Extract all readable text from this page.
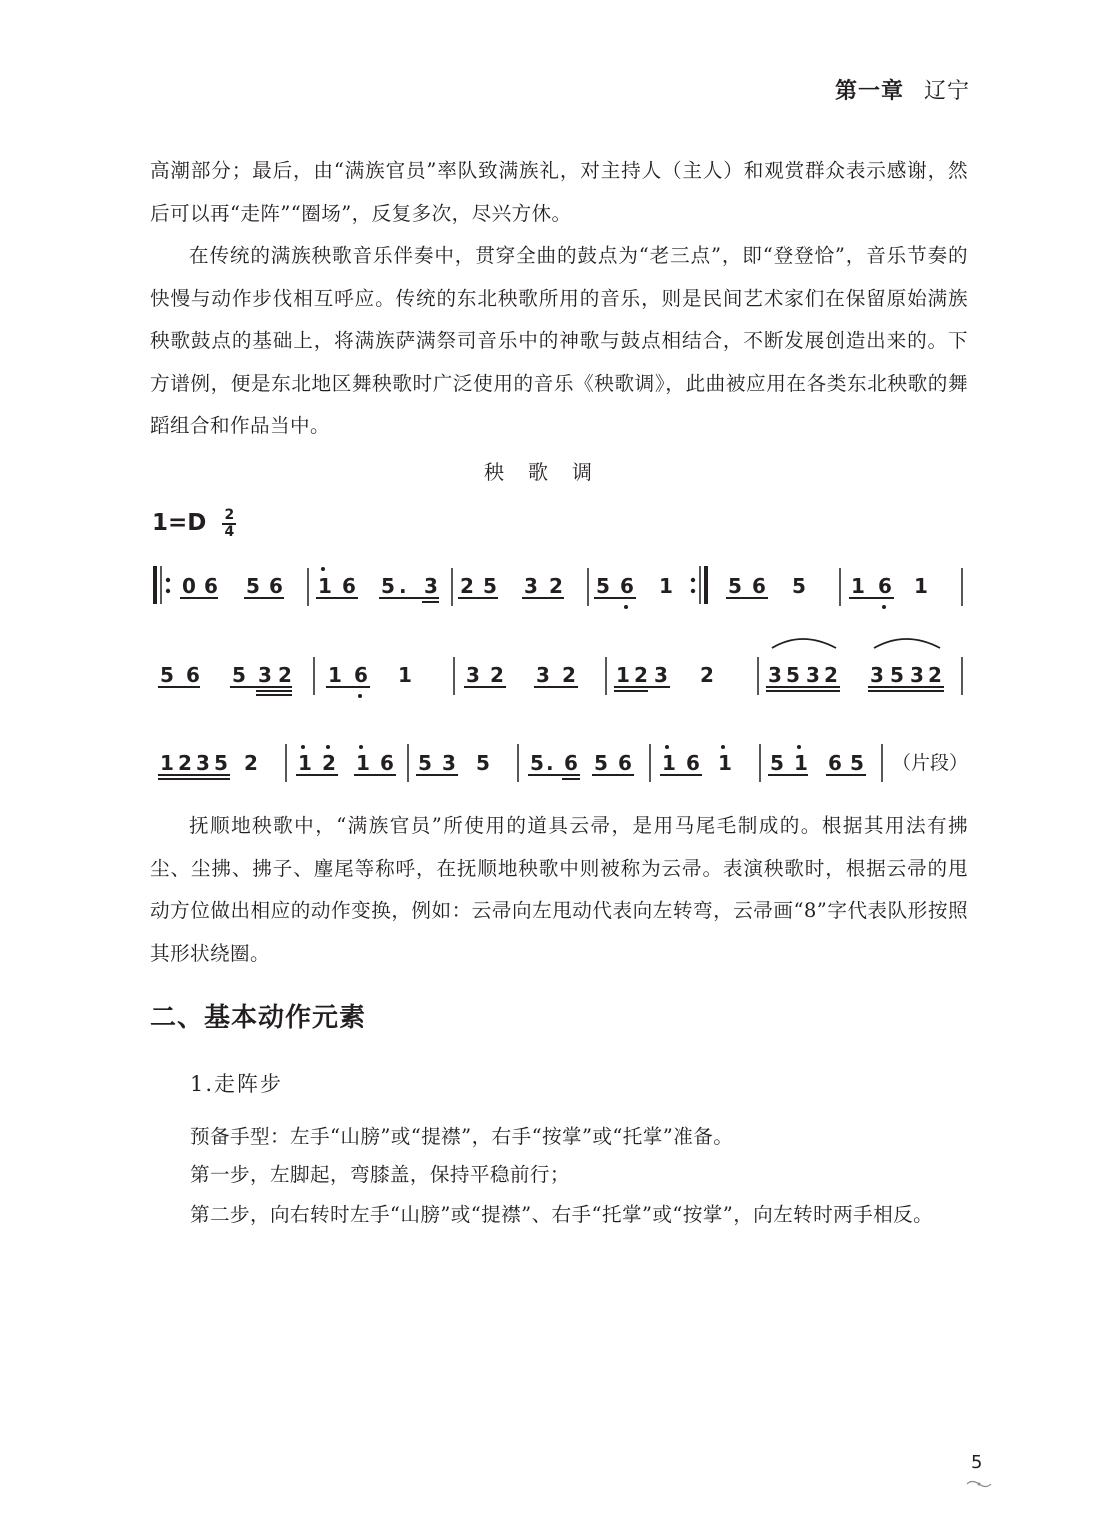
第一章 辽宁
高潮部分；最后，由“满族官员”率队致满族礼，对主持人（主人）和观赏群众表示感谢，然后可以再“走阵”“圈场”，反复多次，尽兴方休。
在传统的满族秧歌音乐伴奏中，贯穿全曲的鼓点为“老三点”，即“登登恰”，音乐节奏的快慢与动作步伐相互呼应。传统的东北秧歌所用的音乐，则是民间艺术家们在保留原始满族秧歌鼓点的基础上，将满族萨满祭司音乐中的神歌与鼓点相结合，不断发展创造出来的。下方谱例，便是东北地区舞秧歌时广泛使用的音乐《秧歌调》，此曲被应用在各类东北秧歌的舞蹈组合和作品当中。
秧歌调
$1=D \frac{2}{4}$
0 6 5 6 1 6 5 . 3 2 5 3 2 5 6 1	5 6 5 1 6 1
5 6 5 3 2 1 6 1	3 2 3 2 1 2 3 2	3 5 3 2 3 5 3 2
1 2 3 5 2 1 2 1 6 5 3 5 5 . 6 5 6 1 6 1 5 1 6 5 （片段）
抚顺地秧歌中，“满族官员”所使用的道具云帚，是用马尾毛制成的。根据其用法有拂尘、尘拂、拂子、麈尾等称呼，在抚顺地秧歌中则被称为云帚。表演秧歌时，根据云帚的甩动方位做出相应的动作变换，例如：云帚向左甩动代表向左转弯，云帚画“8”字代表队形按照其形状绕圈。
二、基本动作元素
1.走阵步
预备手型：左手“山膀”或“提襟”，右手“按掌”或“托掌”准备。
第一步，左脚起，弯膝盖，保持平稳前行；
第二步，向右转时左手“山膀”或“提襟”、右手“托掌”或“按掌”，向左转时两手相反。
5
